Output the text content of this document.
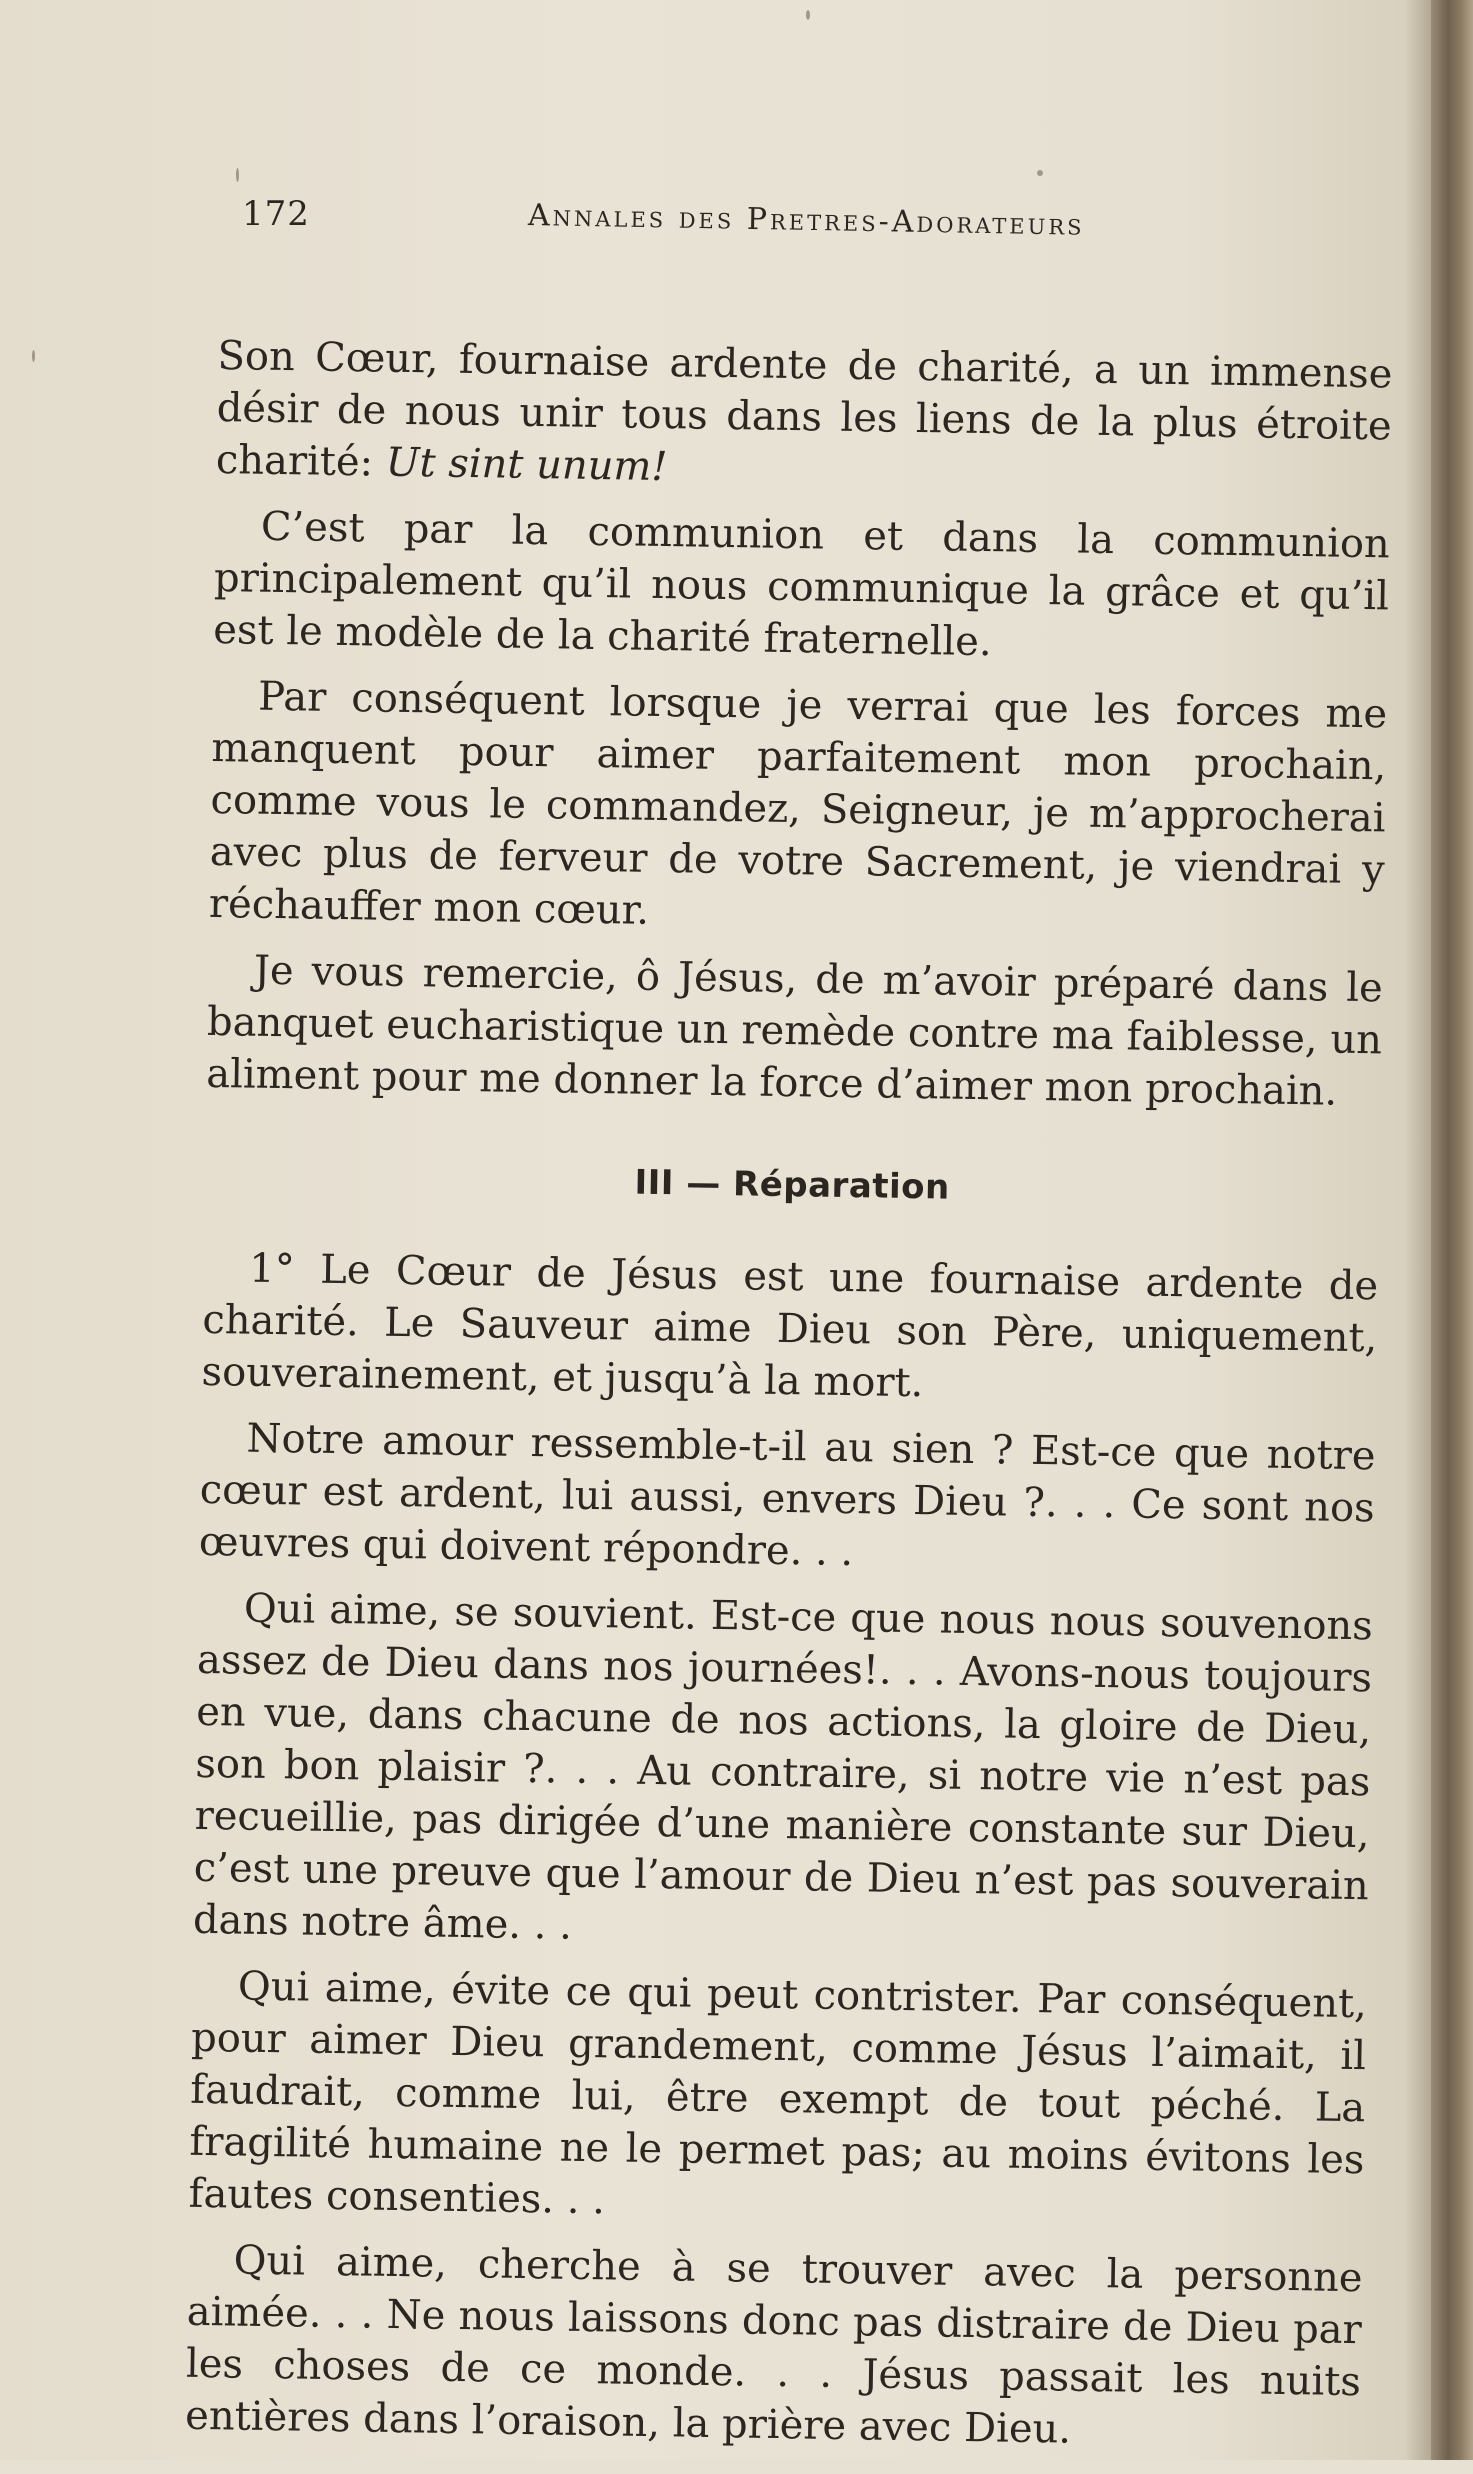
172	Annales des Pretres-Adorateurs

Son Cœur, fournaise ardente de charité, a un immense désir de nous unir tous dans les liens de la plus étroite charité: Ut sint unum!

C’est par la communion et dans la communion principalement qu’il nous communique la grâce et qu’il est le modèle de la charité fraternelle.

Par conséquent lorsque je verrai que les forces me manquent pour aimer parfaitement mon prochain, comme vous le commandez, Seigneur, je m’approcherai avec plus de ferveur de votre Sacrement, je viendrai y réchauffer mon cœur.

Je vous remercie, ô Jésus, de m’avoir préparé dans le banquet eucharistique un remède contre ma faiblesse, un aliment pour me donner la force d’aimer mon prochain.

III — Réparation

1° Le Cœur de Jésus est une fournaise ardente de charité. Le Sauveur aime Dieu son Père, uniquement, souverainement, et jusqu’à la mort.

Notre amour ressemble-t-il au sien ? Est-ce que notre cœur est ardent, lui aussi, envers Dieu ?. . . Ce sont nos œuvres qui doivent répondre. . .

Qui aime, se souvient. Est-ce que nous nous souvenons assez de Dieu dans nos journées!. . . Avons-nous toujours en vue, dans chacune de nos actions, la gloire de Dieu, son bon plaisir ?. . . Au contraire, si notre vie n’est pas recueillie, pas dirigée d’une manière constante sur Dieu, c’est une preuve que l’amour de Dieu n’est pas souverain dans notre âme. . .

Qui aime, évite ce qui peut contrister. Par conséquent, pour aimer Dieu grandement, comme Jésus l’aimait, il faudrait, comme lui, être exempt de tout péché. La fragilité humaine ne le permet pas; au moins évitons les fautes consenties. . .

Qui aime, cherche à se trouver avec la personne aimée. . . Ne nous laissons donc pas distraire de Dieu par les choses de ce monde. . . Jésus passait les nuits entières dans l’oraison, la prière avec Dieu.
